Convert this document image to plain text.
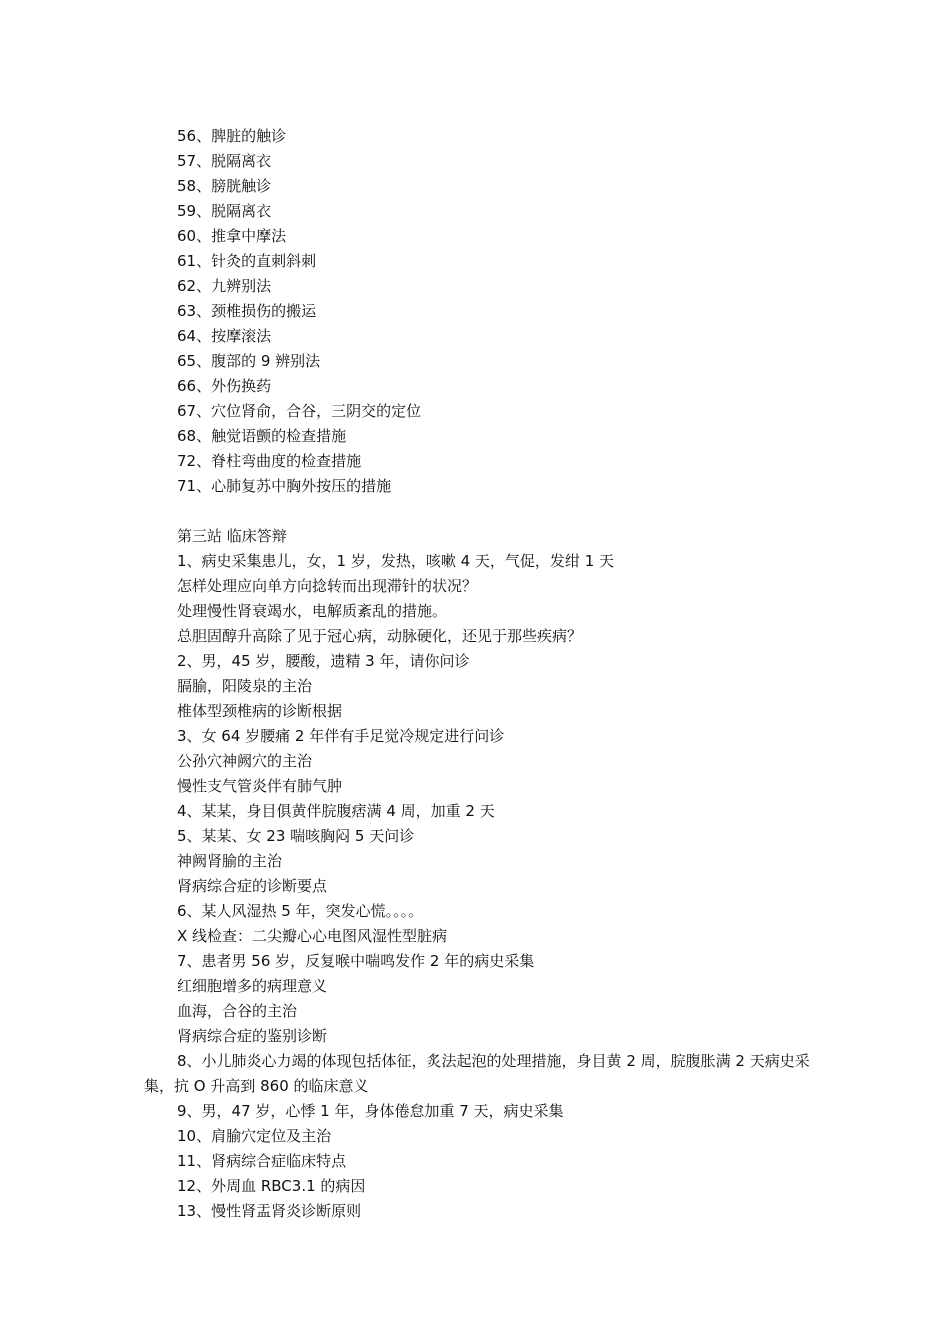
56、脾脏的触诊

57、脱隔离衣

58、膀胱触诊

59、脱隔离衣

60、推拿中摩法

61、针灸的直刺斜刺

62、九辨别法

63、颈椎损伤的搬运

64、按摩滚法

65、腹部的 9 辨别法

66、外伤换药

67、穴位肾俞，合谷，三阴交的定位

68、触觉语颤的检查措施

72、脊柱弯曲度的检查措施

71、心肺复苏中胸外按压的措施

第三站 临床答辩

1、病史采集患儿，女，1 岁，发热，咳嗽 4 天，气促，发绀 1 天

怎样处理应向单方向捻转而出现滞针的状况？

处理慢性肾衰竭水，电解质紊乱的措施。

总胆固醇升高除了见于冠心病，动脉硬化，还见于那些疾病？

2、男，45 岁，腰酸，遗精 3 年，请你问诊

膈腧，阳陵泉的主治

椎体型颈椎病的诊断根据

3、女 64 岁腰痛 2 年伴有手足觉冷规定进行问诊

公孙穴神阙穴的主治

慢性支气管炎伴有肺气肿

4、某某，身目俱黄伴脘腹痞满 4 周，加重 2 天

5、某某、女 23 喘咳胸闷 5 天问诊

神阙肾腧的主治

肾病综合症的诊断要点

6、某人风湿热 5 年，突发心慌。。。。

X 线检查：二尖瓣心心电图风湿性型脏病

7、患者男 56 岁，反复喉中喘鸣发作 2 年的病史采集

红细胞增多的病理意义

血海，合谷的主治

肾病综合症的鉴别诊断

8、小儿肺炎心力竭的体现包括体征，炙法起泡的处理措施，身目黄 2 周，脘腹胀满 2 天病史采集，抗 O 升高到 860 的临床意义

9、男，47 岁，心悸 1 年，身体倦怠加重 7 天，病史采集

10、肩腧穴定位及主治

11、肾病综合症临床特点

12、外周血 RBC3.1 的病因

13、慢性肾盂肾炎诊断原则
